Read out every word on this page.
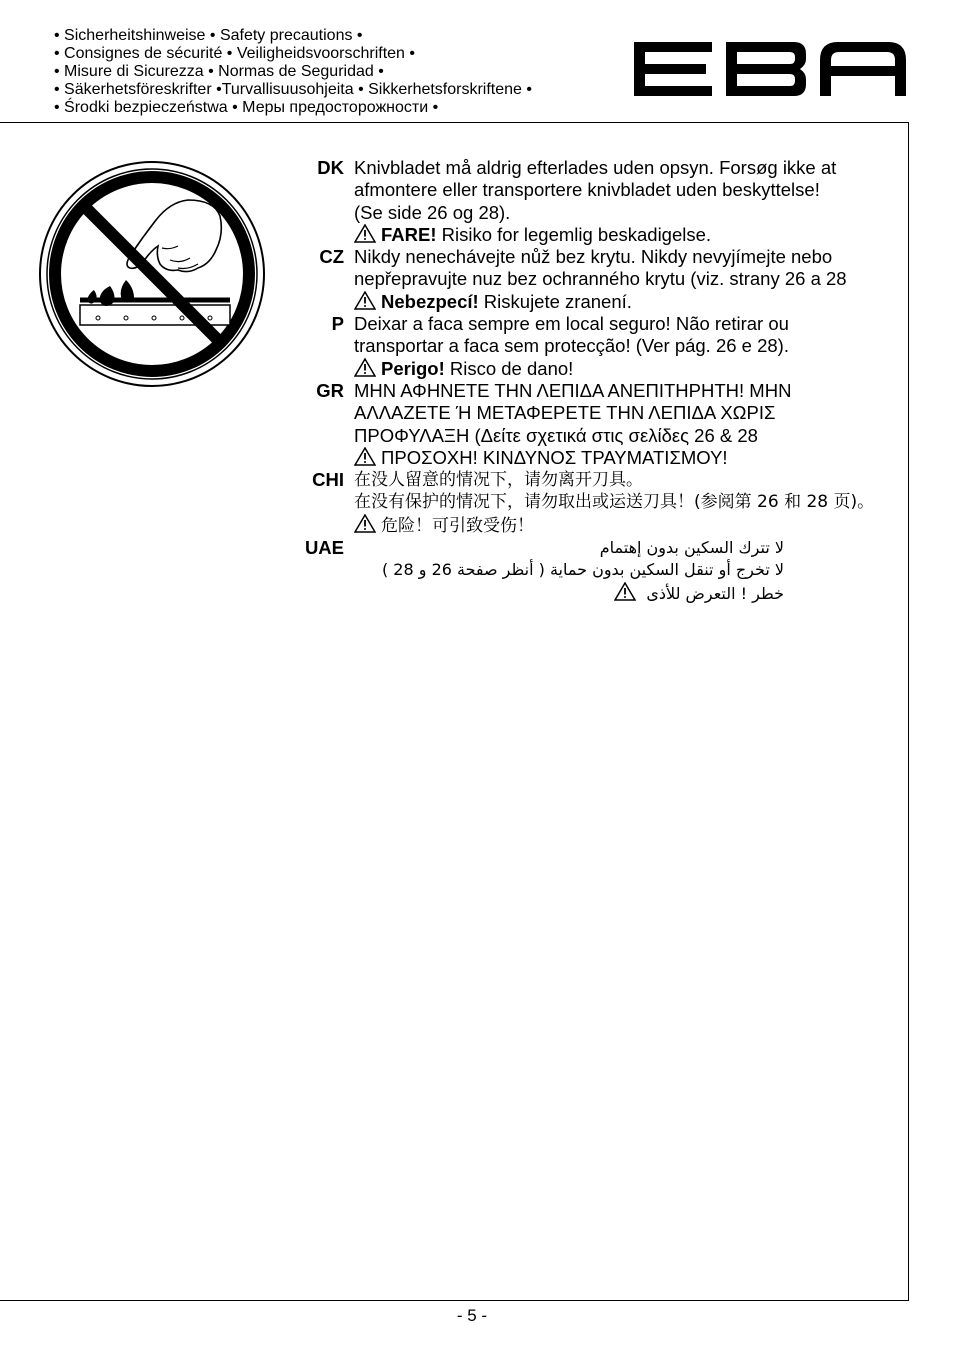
• Sicherheitshinweise • Safety precautions •
• Consignes de sécurité • Veiligheidsvoorschriften •
• Misure di Sicurezza • Normas de Seguridad •
• Säkerhetsföreskrifter •Turvallisuusohjeita • Sikkerhetsforskriftene •
• Środki bezpieczeństwa • Меры предосторожности •
DK Knivbladet må aldrig efterlades uden opsyn. Forsøg ikke at
afmontere eller transportere knivbladet uden beskyttelse!
(Se side 26 og 28).
FARE! Risiko for legemlig beskadigelse.
CZ Nikdy nenechávejte nůž bez krytu. Nikdy nevyjímejte nebo
nepřepravujte nuz bez ochranného krytu (viz. strany 26 a 28
Nebezpecí! Riskujete zranení.
P Deixar a faca sempre em local seguro! Não retirar ou
transportar a faca sem protecção! (Ver pág. 26 e 28).
Perigo! Risco de dano!
GR ΜΗΝ ΑΦΗΝΕΤΕ ΤΗΝ ΛΕΠΙΔΑ ΑΝΕΠΙΤΗΡΗΤΗ! ΜΗΝ
ΑΛΛΑΖΕΤΕ Ή ΜΕΤΑΦΕΡΕΤΕ ΤΗΝ ΛΕΠΙΔΑ ΧΩΡΙΣ
ΠΡΟΦΥΛΑΞΗ (Δείτε σχετικά στις σελίδες 26 & 28
ΠΡΟΣΟΧΗ! ΚΙΝΔΥΝΟΣ ΤΡΑΥΜΑΤΙΣΜΟΥ!
CHI 在没人留意的情况下，请勿离开刀具。
在没有保护的情况下，请勿取出或运送刀具！(参阅第 26 和 28 页)。
危险！可引致受伤！
UAE	لا تترك السكين بدون إهتمام
لا تخرج أو تنقل السكين بدون حماية ( أنظر صفحة 26 و 28 )
خطر ! التعرض للأذى
- 5 -
